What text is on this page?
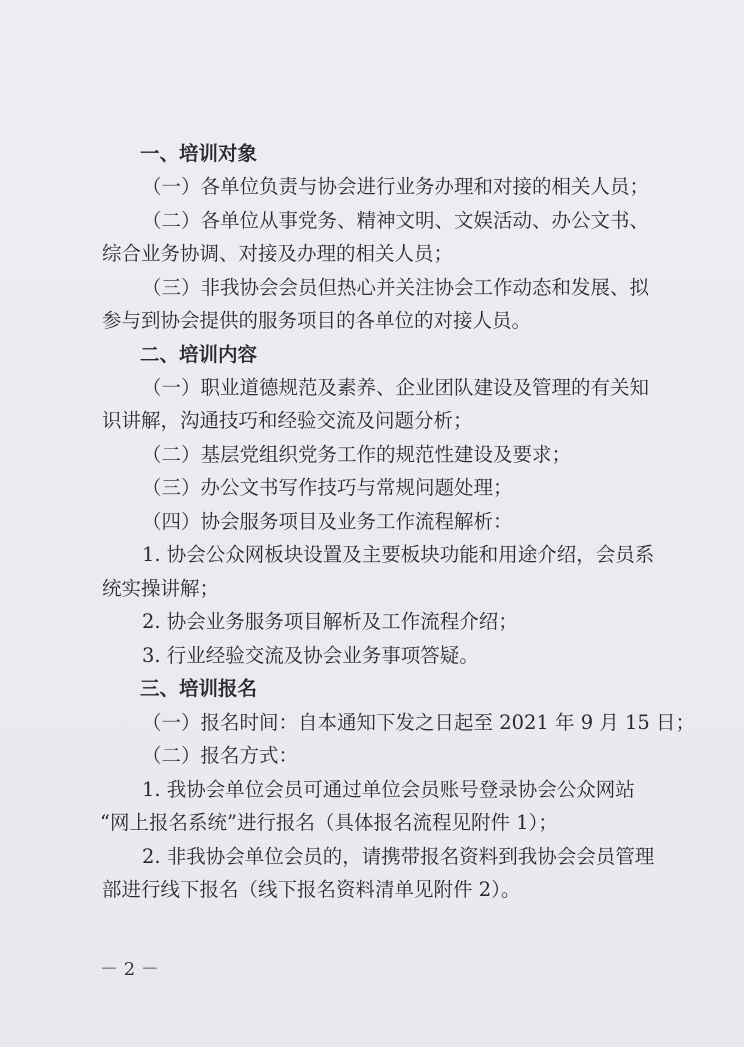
一、培训对象
（一）各单位负责与协会进行业务办理和对接的相关人员；
（二）各单位从事党务、精神文明、文娱活动、办公文书、
综合业务协调、对接及办理的相关人员；
（三）非我协会会员但热心并关注协会工作动态和发展、拟
参与到协会提供的服务项目的各单位的对接人员。
二、培训内容
（一）职业道德规范及素养、企业团队建设及管理的有关知
识讲解，沟通技巧和经验交流及问题分析；
（二）基层党组织党务工作的规范性建设及要求；
（三）办公文书写作技巧与常规问题处理；
（四）协会服务项目及业务工作流程解析：
1. 协会公众网板块设置及主要板块功能和用途介绍，会员系
统实操讲解；
2. 协会业务服务项目解析及工作流程介绍；
3. 行业经验交流及协会业务事项答疑。
三、培训报名
（一）报名时间：自本通知下发之日起至 2021 年 9 月 15 日；
（二）报名方式：
1. 我协会单位会员可通过单位会员账号登录协会公众网站
“网上报名系统”进行报名（具体报名流程见附件 1）；
2. 非我协会单位会员的，请携带报名资料到我协会会员管理
部进行线下报名（线下报名资料清单见附件 2）。
－ 2 －
